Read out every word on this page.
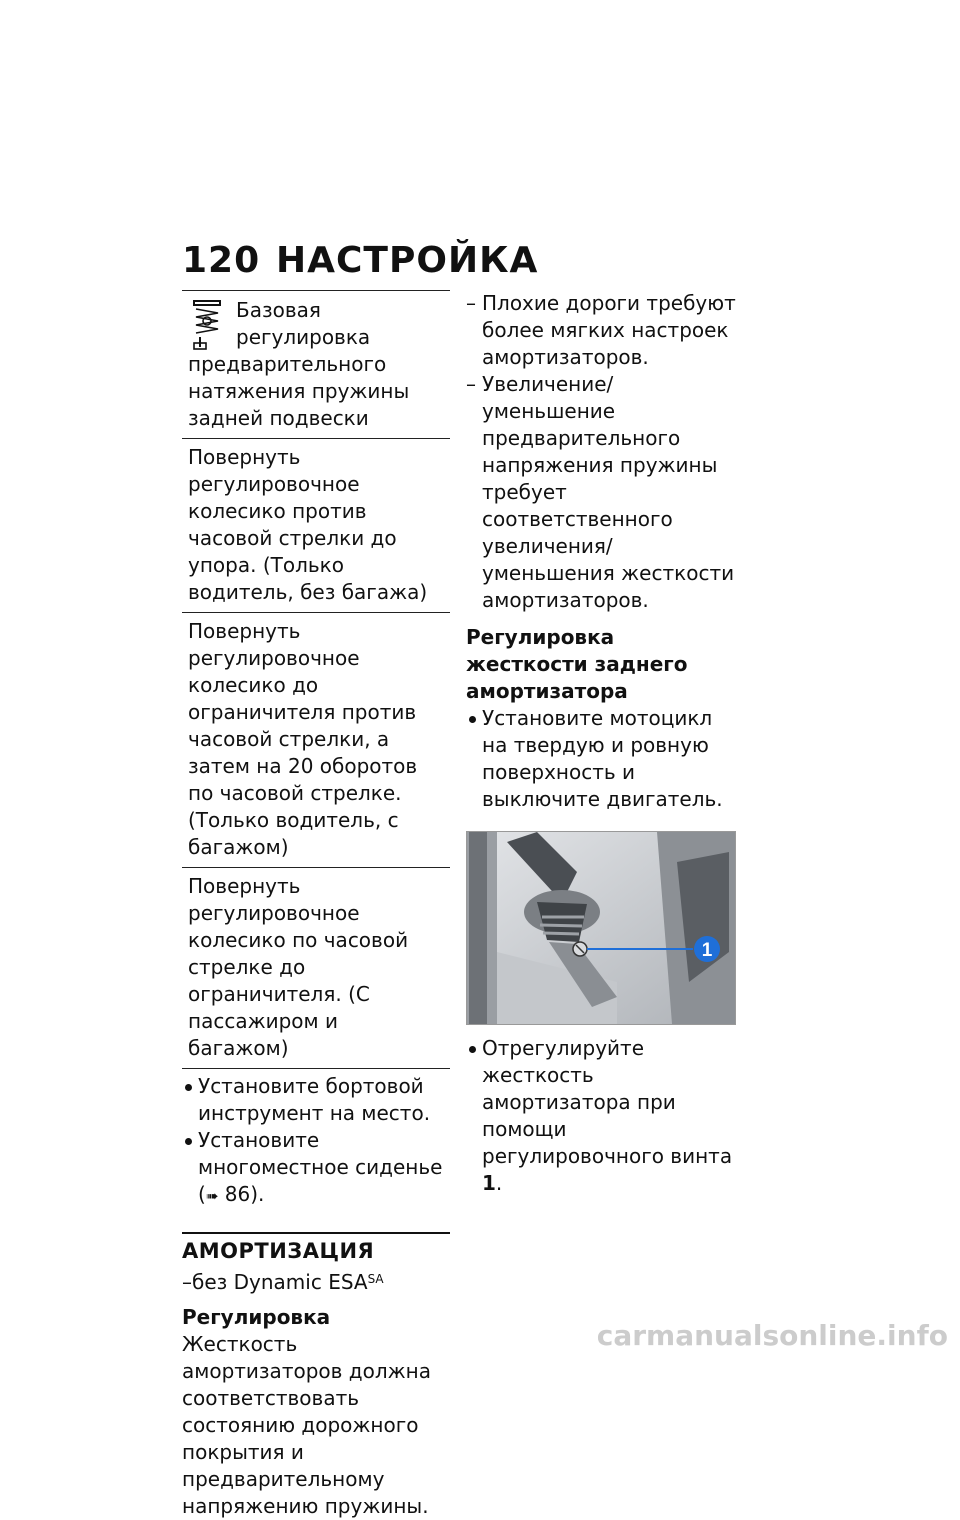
120 НАСТРОЙКА
Базовая регулировка предварительного натяжения пружины задней подвески
Повернуть регулировочное колесико против часовой стрелки до упора. (Только водитель, без багажа)
Повернуть регулировочное колесико до ограничителя против часовой стрелки, а затем на 20 оборотов по часовой стрелке. (Только водитель, с багажом)
Повернуть регулировочное колесико по часовой стрелке до ограничителя. (С пассажиром и багажом)
Установите бортовой инструмент на место.
Установите многоместное сиденье (➠ 86).
АМОРТИЗАЦИЯ
–без Dynamic $ESA^{SA}$
Регулировка
Жесткость амортизаторов должна соответствовать состоянию дорожного покрытия и предварительному напряжению пружины.
– Плохие дороги требуют более мягких настроек амортизаторов.
– Увеличение/уменьшение предварительного напряжения пружины требует соответственного увеличения/уменьшения жесткости амортизаторов.
Регулировка жесткости заднего амортизатора
Установите мотоцикл на твердую и ровную поверхность и выключите двигатель.
1
Отрегулируйте жесткость амортизатора при помощи регулировочного винта 1.
carmanualsonline.info
